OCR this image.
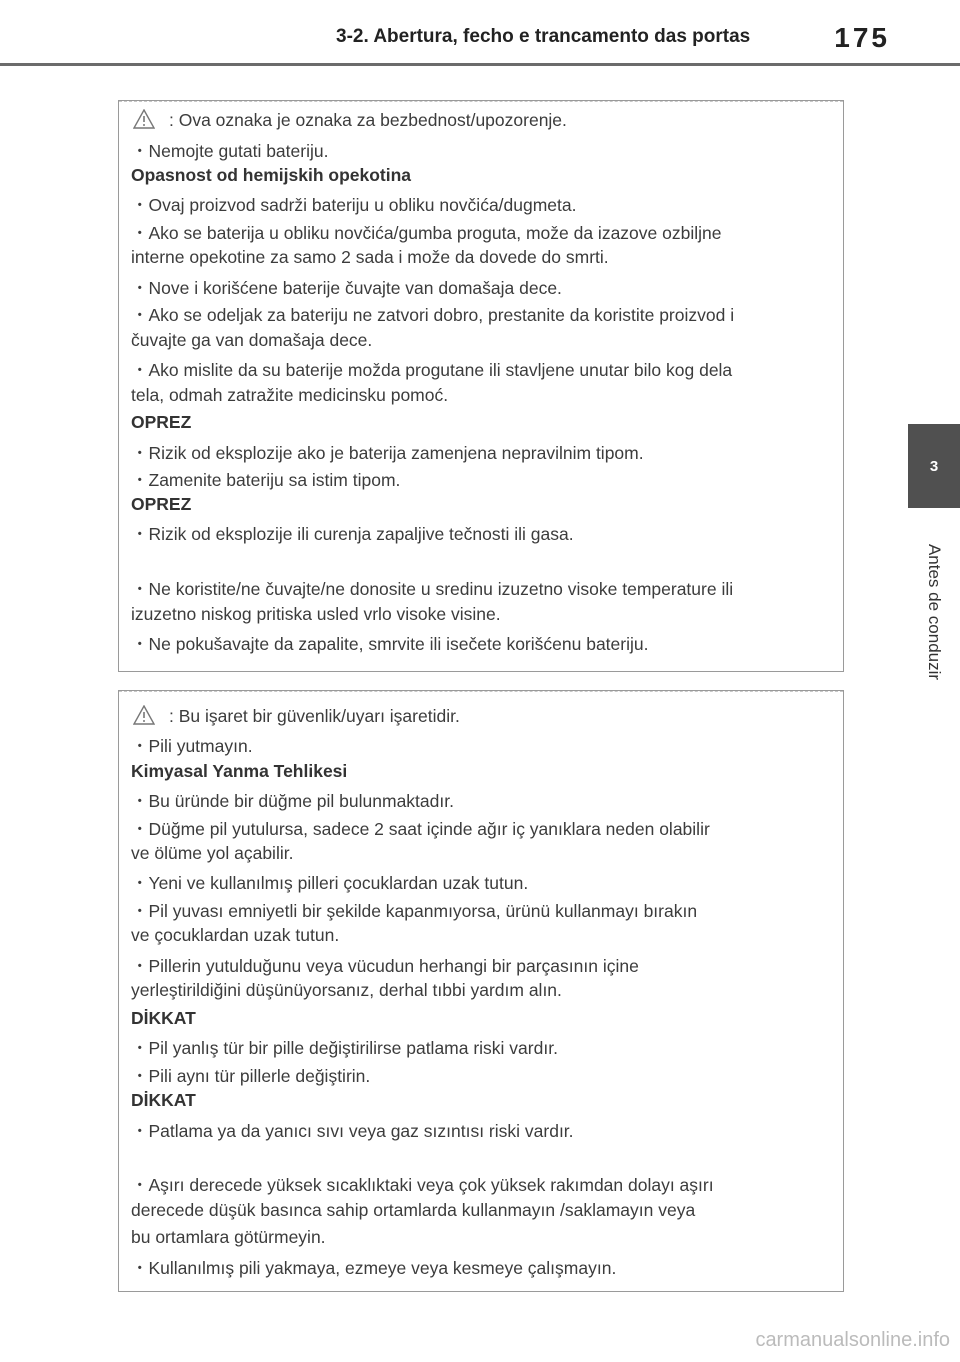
3-2. Abertura, fecho e trancamento das portas	175
3
Antes de conduzir
: Ova oznaka je oznaka za bezbednost/upozorenje.
・Nemojte gutati bateriju.
Opasnost od hemijskih opekotina
・Ovaj proizvod sadrži bateriju u obliku novčića/dugmeta.
・Ako se baterija u obliku novčića/gumba proguta, može da izazove ozbiljne
interne opekotine za samo 2 sada i može da dovede do smrti.
・Nove i korišćene baterije čuvajte van domašaja dece.
・Ako se odeljak za bateriju ne zatvori dobro, prestanite da koristite proizvod i
čuvajte ga van domašaja dece.
・Ako mislite da su baterije možda progutane ili stavljene unutar bilo kog dela
tela, odmah zatražite medicinsku pomoć.
OPREZ
・Rizik od eksplozije ako je baterija zamenjena nepravilnim tipom.
・Zamenite bateriju sa istim tipom.
OPREZ
・Rizik od eksplozije ili curenja zapaljive tečnosti ili gasa.
・Ne koristite/ne čuvajte/ne donosite u sredinu izuzetno visoke temperature ili
izuzetno niskog pritiska usled vrlo visoke visine.
・Ne pokušavajte da zapalite, smrvite ili isečete korišćenu bateriju.
: Bu işaret bir güvenlik/uyarı işaretidir.
・Pili yutmayın.
Kimyasal Yanma Tehlikesi
・Bu üründe bir düğme pil bulunmaktadır.
・Düğme pil yutulursa, sadece 2 saat içinde ağır iç yanıklara neden olabilir
ve ölüme yol açabilir.
・Yeni ve kullanılmış pilleri çocuklardan uzak tutun.
・Pil yuvası emniyetli bir şekilde kapanmıyorsa, ürünü kullanmayı bırakın
ve çocuklardan uzak tutun.
・Pillerin yutulduğunu veya vücudun herhangi bir parçasının içine
yerleştirildiğini düşünüyorsanız, derhal tıbbi yardım alın.
DİKKAT
・Pil yanlış tür bir pille değiştirilirse patlama riski vardır.
・Pili aynı tür pillerle değiştirin.
DİKKAT
・Patlama ya da yanıcı sıvı veya gaz sızıntısı riski vardır.
・Aşırı derecede yüksek sıcaklıktaki veya çok yüksek rakımdan dolayı aşırı
derecede düşük basınca sahip ortamlarda kullanmayın /saklamayın veya
bu ortamlara götürmeyin.
・Kullanılmış pili yakmaya, ezmeye veya kesmeye çalışmayın.
carmanualsonline.info
